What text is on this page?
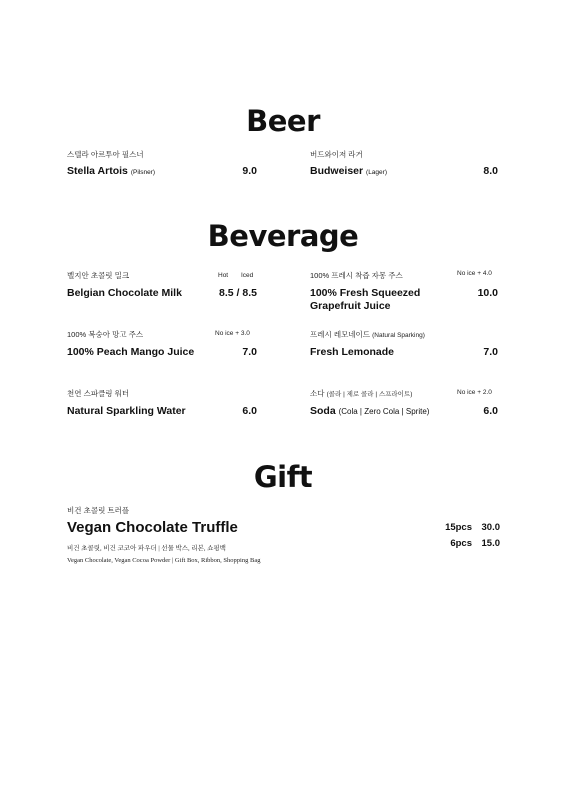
Beer
스텔라 아르투아 필스너
Stella Artois (Pilsner)	9.0
버드와이저 라거
Budweiser (Lager)	8.0
Beverage
벨지안 초콜릿 밀크	Hot Iced
Belgian Chocolate Milk	8.5 / 8.5
100% 프레시 착즙 자몽 주스	No ice + 4.0
100% Fresh Squeezed
Grapefruit Juice
10.0
100% 복숭아 망고 주스	No ice + 3.0
100% Peach Mango Juice	7.0
프레시 레모네이드 (Natural Sparking)
Fresh Lemonade	7.0
천연 스파클링 워터
Natural Sparkling Water	6.0
소다 (콜라 | 제로 콜라 | 스프라이트)	No ice + 2.0
Soda (Cola | Zero Cola | Sprite)	6.0
Gift
비건 초콜릿 트러플
Vegan Chocolate Truffle
비건 초콜릿, 비건 코코아 파우더 | 선물 박스, 리본, 쇼핑백
Vegan Chocolate, Vegan Cocoa Powder | Gift Box, Ribbon, Shopping Bag
15pcs	30.0
6pcs	15.0
